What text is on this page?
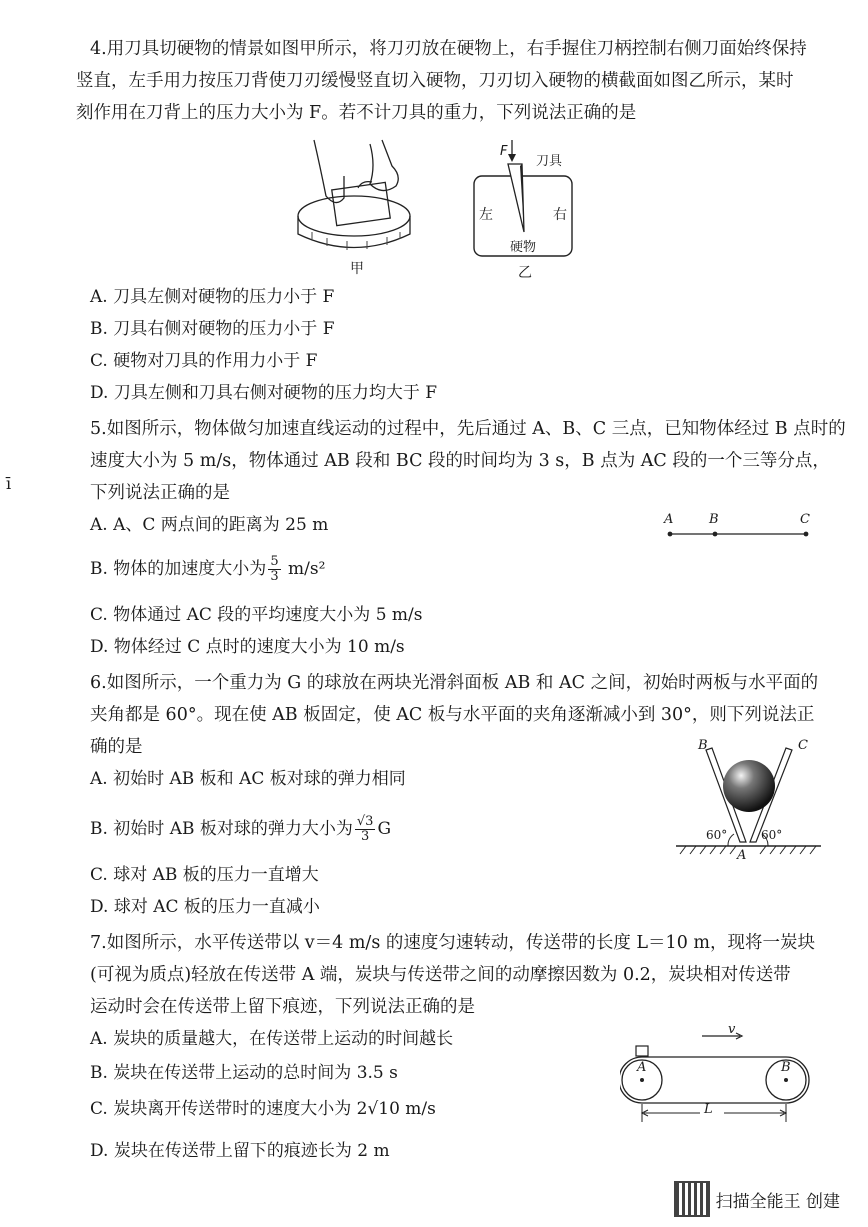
4.用刀具切硬物的情景如图甲所示，将刀刃放在硬物上，右手握住刀柄控制右侧刀面始终保持
竖直，左手用力按压刀背使刀刃缓慢竖直切入硬物，刀刃切入硬物的横截面如图乙所示，某时
刻作用在刀背上的压力大小为 F。若不计刀具的重力，下列说法正确的是
甲
F
刀具
左	右
硬物
乙
A. 刀具左侧对硬物的压力小于 F
B. 刀具右侧对硬物的压力小于 F
C. 硬物对刀具的作用力小于 F
D. 刀具左侧和刀具右侧对硬物的压力均大于 F
5.如图所示，物体做匀加速直线运动的过程中，先后通过 A、B、C 三点，已知物体经过 B 点时的
速度大小为 5 m/s，物体通过 AB 段和 BC 段的时间均为 3 s，B 点为 AC 段的一个三等分点，
下列说法正确的是
A. A、C 两点间的距离为 25 m	A	B	C
B. 物体的加速度大小为 $\frac{5}{3} m/s^2$
C. 物体通过 AC 段的平均速度大小为 5 m/s
D. 物体经过 C 点时的速度大小为 10 m/s
6.如图所示，一个重力为 G 的球放在两块光滑斜面板 AB 和 AC 之间，初始时两板与水平面的
夹角都是 60°。现在使 AB 板固定，使 AC 板与水平面的夹角逐渐减小到 30°，则下列说法正
确的是
A. 初始时 AB 板和 AC 板对球的弹力相同
B	C
A
60°	60°
B. 初始时 AB 板对球的弹力大小为 $\frac{√3}{3}$ G
C. 球对 AB 板的压力一直增大
D. 球对 AC 板的压力一直减小
7.如图所示，水平传送带以 v＝4 m/s 的速度匀速转动，传送带的长度 L＝10 m，现将一炭块
(可视为质点)轻放在传送带 A 端，炭块与传送带之间的动摩擦因数为 0.2，炭块相对传送带
运动时会在传送带上留下痕迹，下列说法正确的是
A. 炭块的质量越大，在传送带上运动的时间越长
B. 炭块在传送带上运动的总时间为 3.5 s
C. 炭块离开传送带时的速度大小为 2√10 m/s
D. 炭块在传送带上留下的痕迹长为 2 m
v
A	B
L
ī
扫描全能王 创建
